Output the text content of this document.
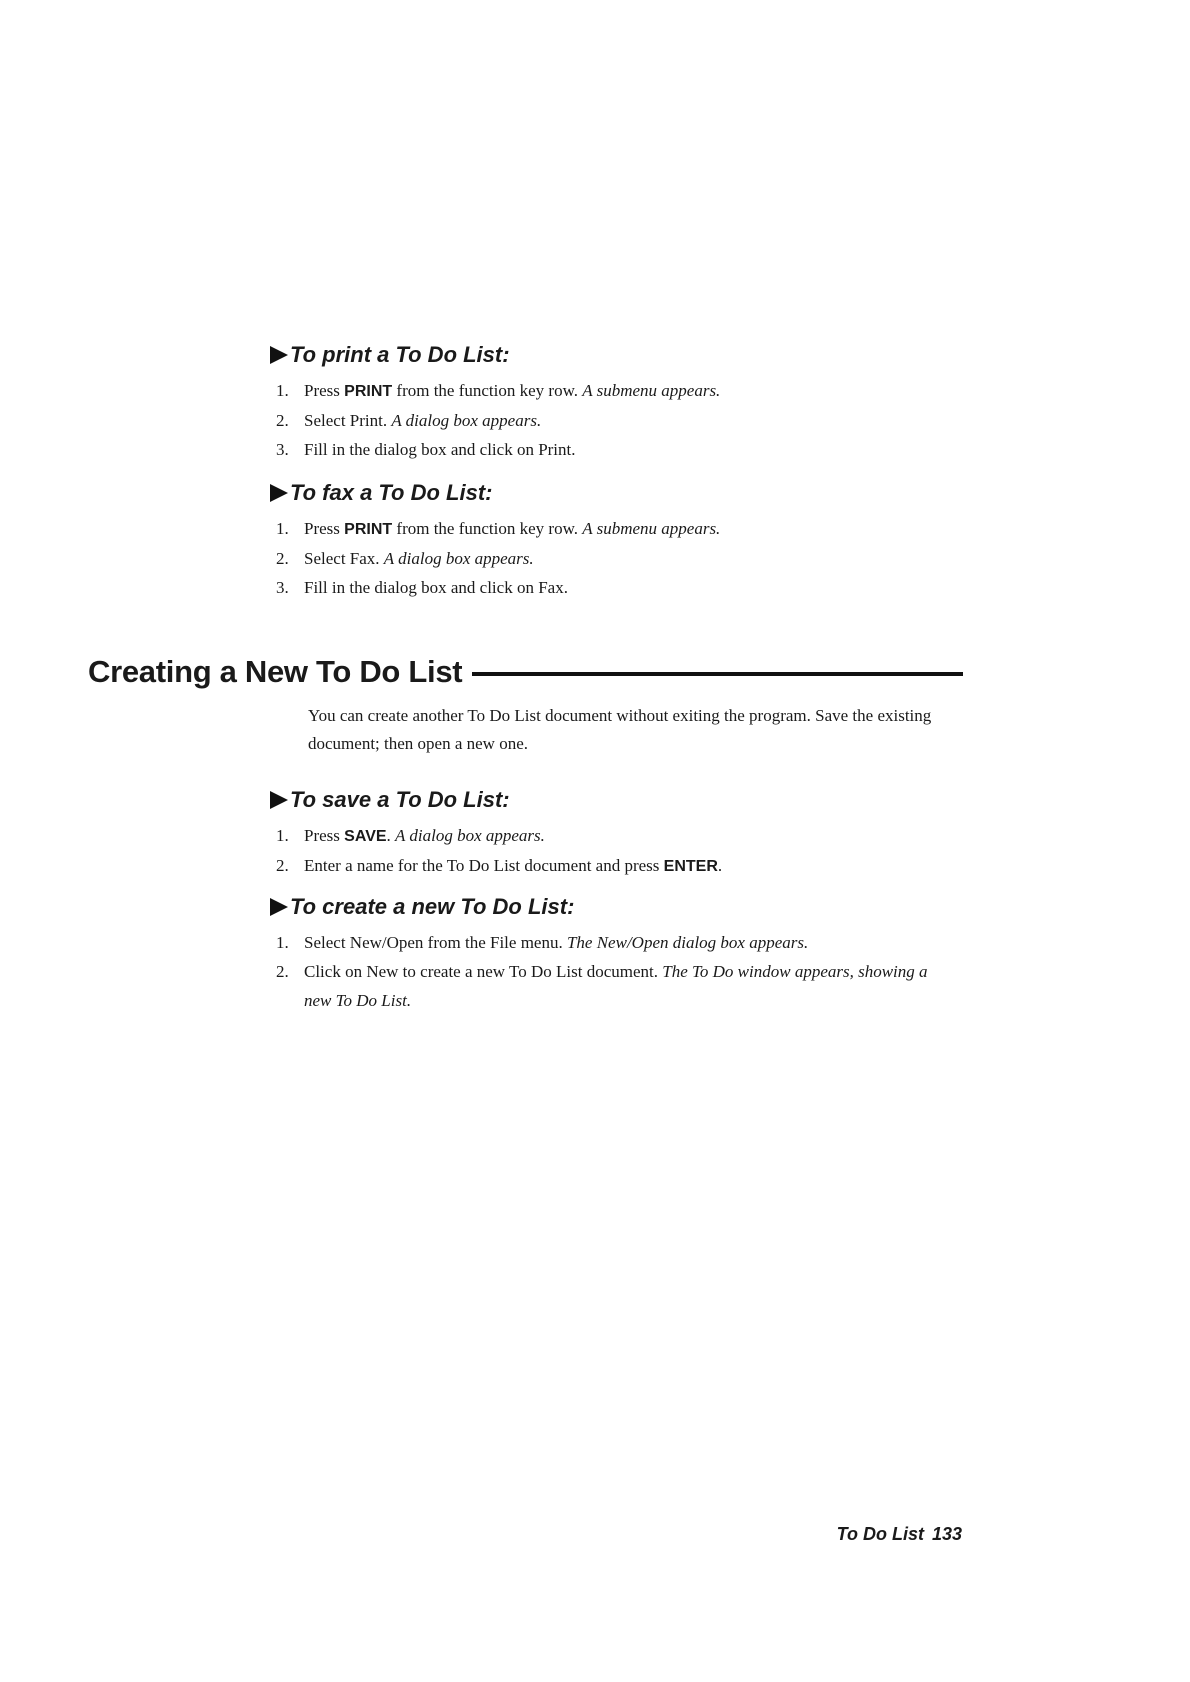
To print a To Do List:
1. Press PRINT from the function key row. A submenu appears.
2. Select Print. A dialog box appears.
3. Fill in the dialog box and click on Print.
To fax a To Do List:
1. Press PRINT from the function key row. A submenu appears.
2. Select Fax. A dialog box appears.
3. Fill in the dialog box and click on Fax.
Creating a New To Do List

You can create another To Do List document without exiting the program. Save the existing document; then open a new one.

To save a To Do List:
1. Press SAVE. A dialog box appears.
2. Enter a name for the To Do List document and press ENTER.
To create a new To Do List:
1. Select New/Open from the File menu. The New/Open dialog box appears.
2. Click on New to create a new To Do List document. The To Do window appears, showing a new To Do List.
To Do List 133
